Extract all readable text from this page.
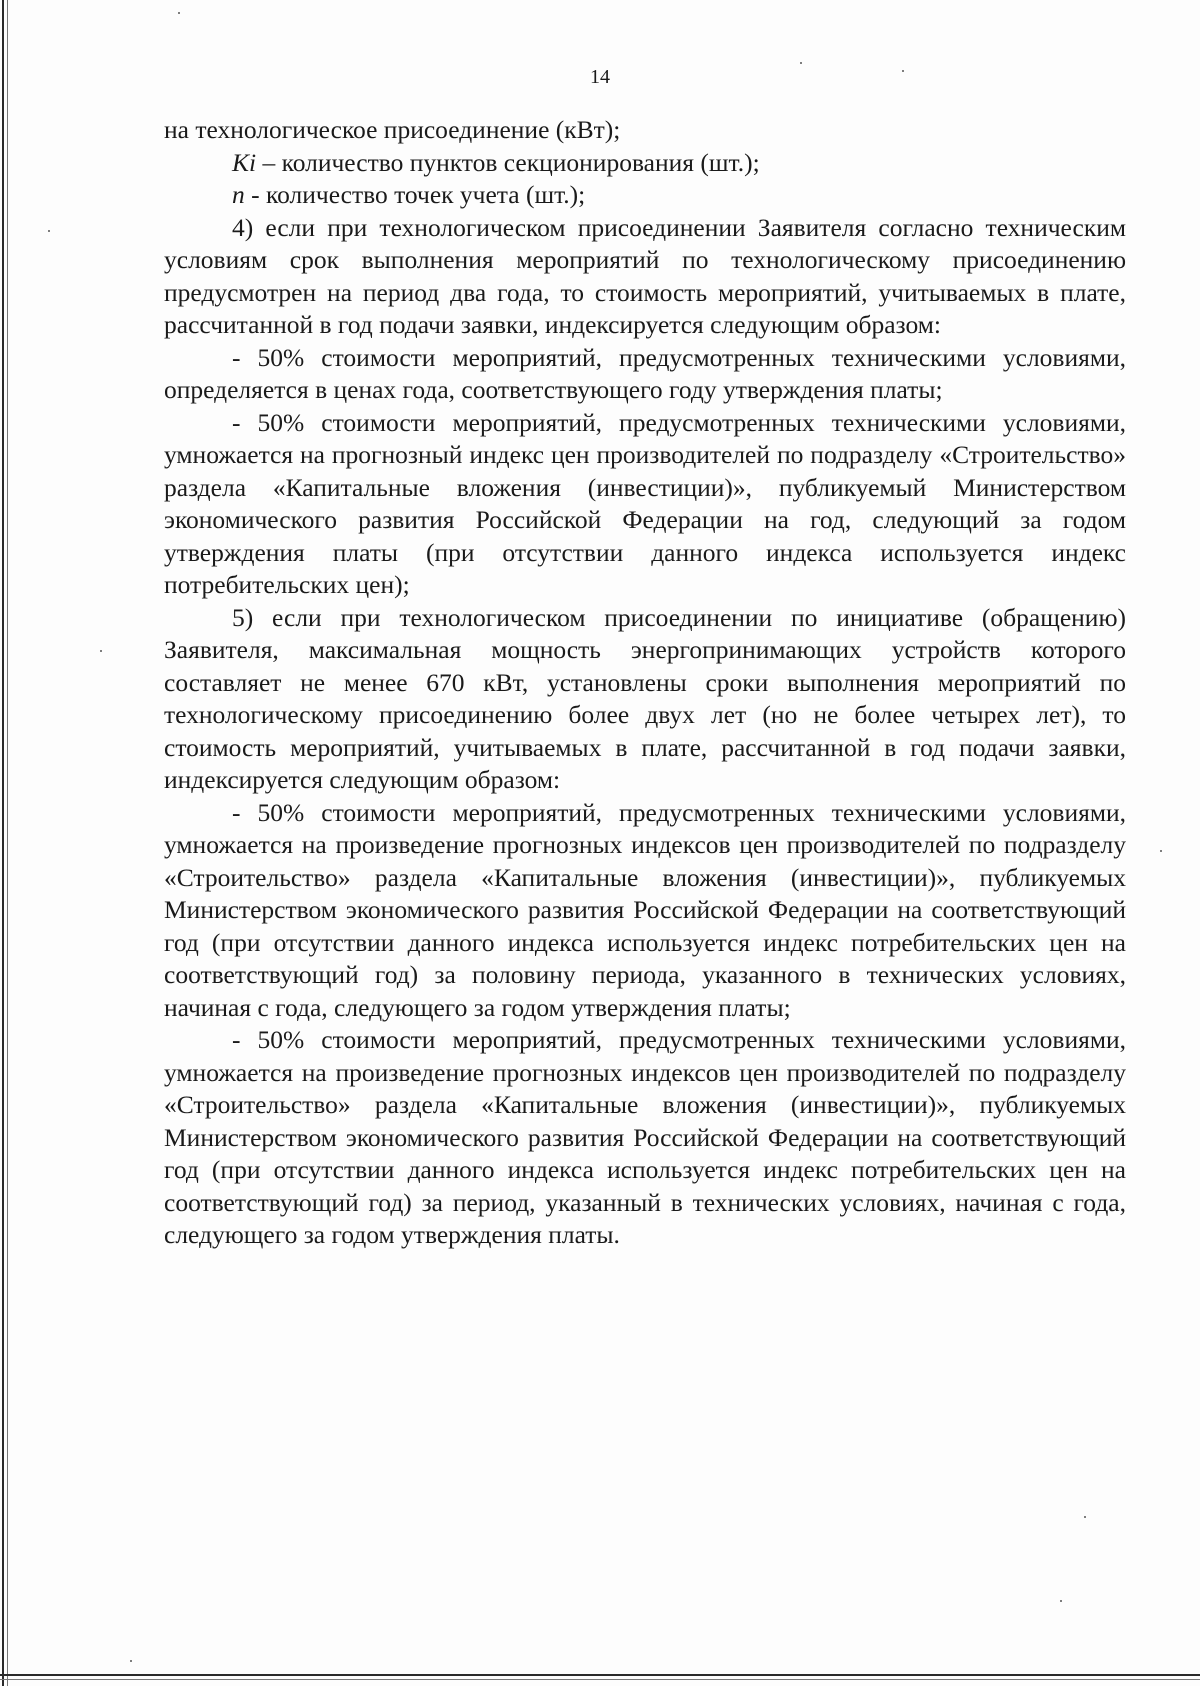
14

на технологическое присоединение (кВт);

Ki – количество пунктов секционирования (шт.);

n - количество точек учета (шт.);

4) если при технологическом присоединении Заявителя согласно техническим условиям срок выполнения мероприятий по технологическому присоединению предусмотрен на период два года, то стоимость мероприятий, учитываемых в плате, рассчитанной в год подачи заявки, индексируется следующим образом:

- 50% стоимости мероприятий, предусмотренных техническими условиями, определяется в ценах года, соответствующего году утверждения платы;

- 50% стоимости мероприятий, предусмотренных техническими условиями, умножается на прогнозный индекс цен производителей по подразделу «Строительство» раздела «Капитальные вложения (инвестиции)», публикуемый Министерством экономического развития Российской Федерации на год, следующий за годом утверждения платы (при отсутствии данного индекса используется индекс потребительских цен);

5) если при технологическом присоединении по инициативе (обращению) Заявителя, максимальная мощность энергопринимающих устройств которого составляет не менее 670 кВт, установлены сроки выполнения мероприятий по технологическому присоединению более двух лет (но не более четырех лет), то стоимость мероприятий, учитываемых в плате, рассчитанной в год подачи заявки, индексируется следующим образом:

- 50% стоимости мероприятий, предусмотренных техническими условиями, умножается на произведение прогнозных индексов цен производителей по подразделу «Строительство» раздела «Капитальные вложения (инвестиции)», публикуемых Министерством экономического развития Российской Федерации на соответствующий год (при отсутствии данного индекса используется индекс потребительских цен на соответствующий год) за половину периода, указанного в технических условиях, начиная с года, следующего за годом утверждения платы;

- 50% стоимости мероприятий, предусмотренных техническими условиями, умножается на произведение прогнозных индексов цен производителей по подразделу «Строительство» раздела «Капитальные вложения (инвестиции)», публикуемых Министерством экономического развития Российской Федерации на соответствующий год (при отсутствии данного индекса используется индекс потребительских цен на соответствующий год) за период, указанный в технических условиях, начиная с года, следующего за годом утверждения платы.
